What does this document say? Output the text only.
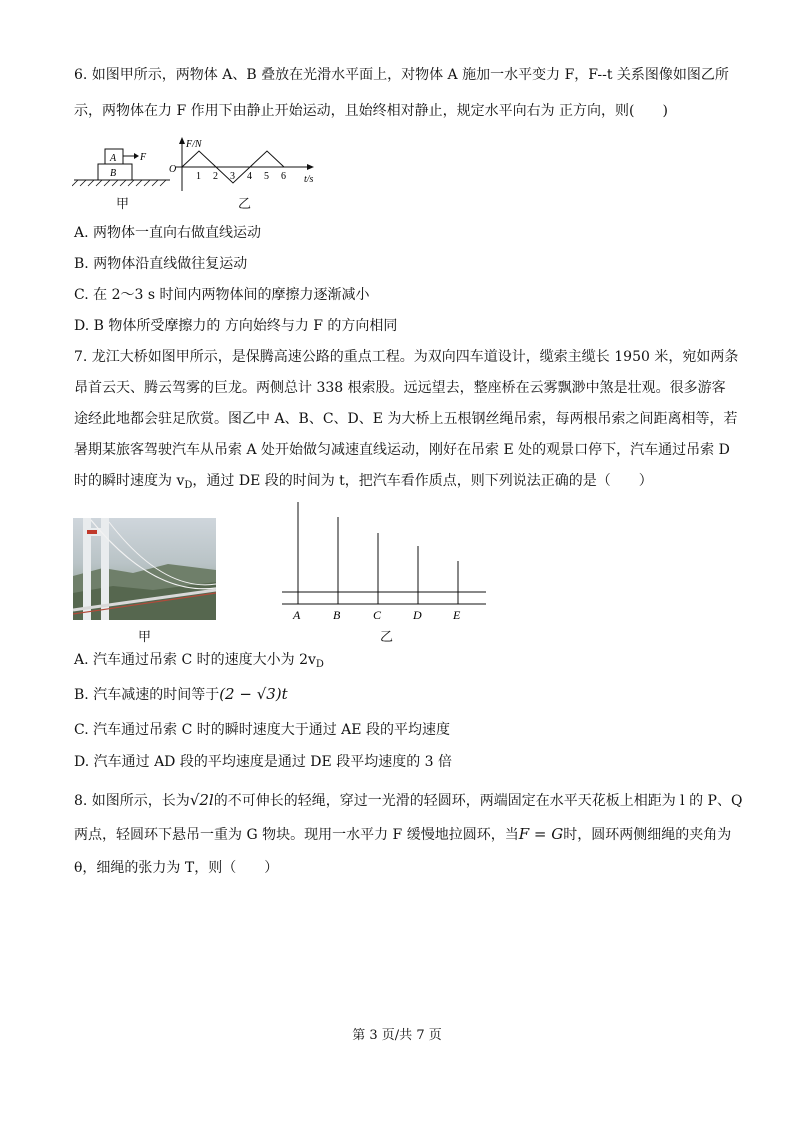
6. 如图甲所示，两物体 A、B 叠放在光滑水平面上，对物体 A 施加一水平变力 F，F--t 关系图像如图乙所
示，两物体在力 F 作用下由静止开始运动，且始终相对静止，规定水平向右为 正方向，则(　　)
A
B
F
甲
F/N
O
t/s
1 2 3 4 5 6
乙
A. 两物体一直向右做直线运动
B. 两物体沿直线做往复运动
C. 在 2～3 s 时间内两物体间的摩擦力逐渐减小
D. B 物体所受摩擦力的 方向始终与力 F 的方向相同
7. 龙江大桥如图甲所示，是保腾高速公路的重点工程。为双向四车道设计，缆索主缆长 1950 米，宛如两条
昂首云天、腾云驾雾的巨龙。两侧总计 338 根索股。远远望去，整座桥在云雾飘渺中煞是壮观。很多游客
途经此地都会驻足欣赏。图乙中 A、B、C、D、E 为大桥上五根钢丝绳吊索，每两根吊索之间距离相等，若
暑期某旅客驾驶汽车从吊索 A 处开始做匀减速直线运动，刚好在吊索 E 处的观景口停下，汽车通过吊索 D
时的瞬时速度为 $v_D$，通过 DE 段的时间为 t，把汽车看作质点，则下列说法正确的是（　　）
甲
A	B	C	D	E
乙
A. 汽车通过吊索 C 时的速度大小为 $2v_D$
B. 汽车减速的时间等于(2 − √3)t
C. 汽车通过吊索 C 时的瞬时速度大于通过 AE 段的平均速度
D. 汽车通过 AD 段的平均速度是通过 DE 段平均速度的 3 倍
8. 如图所示，长为√2l的不可伸长的轻绳，穿过一光滑的轻圆环，两端固定在水平天花板上相距为 l 的 P、Q
两点，轻圆环下悬吊一重为 G 物块。现用一水平力 F 缓慢地拉圆环，当F = G时，圆环两侧细绳的夹角为
θ，细绳的张力为 T，则（　　）
第 3 页/共 7 页
